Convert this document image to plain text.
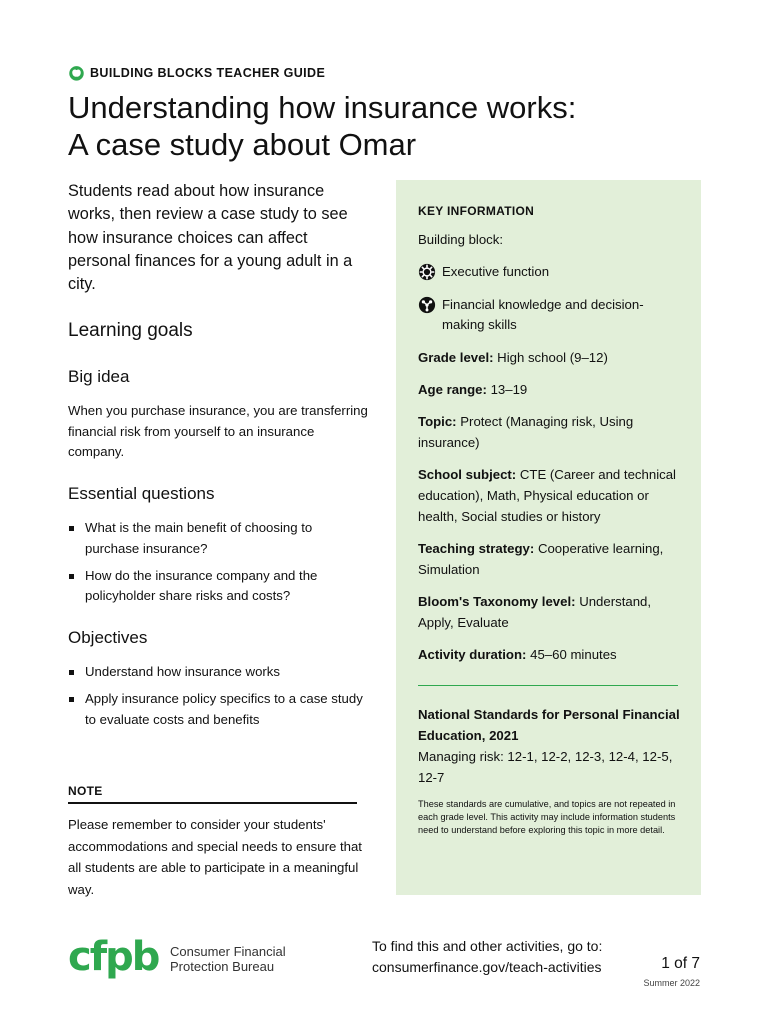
BUILDING BLOCKS TEACHER GUIDE
Understanding how insurance works:
A case study about Omar

Students read about how insurance works, then review a case study to see how insurance choices can affect personal finances for a young adult in a city.

Learning goals
Big idea

When you purchase insurance, you are transferring financial risk from yourself to an insurance company.

Essential questions
What is the main benefit of choosing to purchase insurance?
How do the insurance company and the policyholder share risks and costs?
Objectives
Understand how insurance works
Apply insurance policy specifics to a case study to evaluate costs and benefits
NOTE

Please remember to consider your students' accommodations and special needs to ensure that all students are able to participate in a meaningful way.

KEY INFORMATION
Building block:
Executive function
Financial knowledge and decision-making skills
Grade level: High school (9–12)
Age range: 13–19
Topic: Protect (Managing risk, Using insurance)
School subject: CTE (Career and technical education), Math, Physical education or health, Social studies or history
Teaching strategy: Cooperative learning, Simulation
Bloom's Taxonomy level: Understand, Apply, Evaluate
Activity duration: 45–60 minutes
National Standards for Personal Financial Education, 2021
Managing risk: 12-1, 12-2, 12-3, 12-4, 12-5, 12-7
These standards are cumulative, and topics are not repeated in each grade level. This activity may include information students need to understand before exploring this topic in more detail.
cfpb Consumer Financial
Protection Bureau
To find this and other activities, go to:
consumerfinance.gov/teach-activities	1 of 7
Summer 2022
